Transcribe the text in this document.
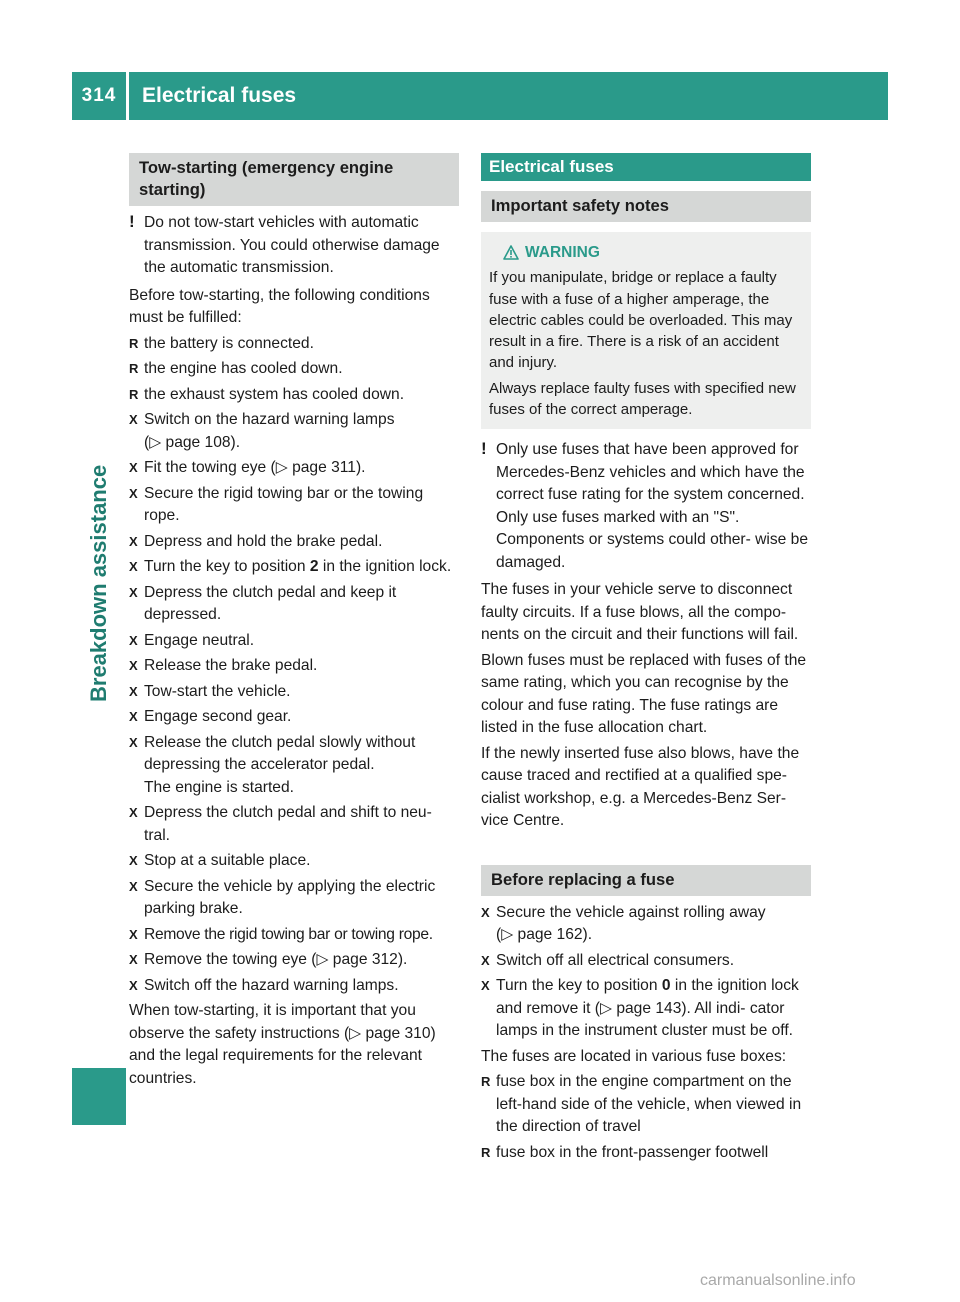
314	Electrical fuses
Breakdown assistance
Tow-starting (emergency engine starting)
! Do not tow-start vehicles with automatic transmission. You could otherwise damage the automatic transmission.

Before tow-starting, the following conditions must be fulfilled:

R the battery is connected.
R the engine has cooled down.
R the exhaust system has cooled down.
X Switch on the hazard warning lamps
(▷ page 108).
X Fit the towing eye (▷ page 311).
X Secure the rigid towing bar or the towing rope.
X Depress and hold the brake pedal.
X Turn the key to position 2 in the ignition lock.
X Depress the clutch pedal and keep it depressed.
X Engage neutral.
X Release the brake pedal.
X Tow-start the vehicle.
X Engage second gear.
X Release the clutch pedal slowly without depressing the accelerator pedal.
The engine is started.
X Depress the clutch pedal and shift to neu- tral.
X Stop at a suitable place.
X Secure the vehicle by applying the electric parking brake.
X Remove the rigid towing bar or towing rope.
X Remove the towing eye (▷ page 312).
X Switch off the hazard warning lamps.

When tow-starting, it is important that you observe the safety instructions (▷ page 310) and the legal requirements for the relevant countries.

Electrical fuses
Important safety notes
WARNING

If you manipulate, bridge or replace a faulty fuse with a fuse of a higher amperage, the electric cables could be overloaded. This may result in a fire. There is a risk of an accident and injury.

Always replace faulty fuses with specified new fuses of the correct amperage.

! Only use fuses that have been approved for Mercedes-Benz vehicles and which have the correct fuse rating for the system concerned. Only use fuses marked with an "S". Components or systems could other- wise be damaged.

The fuses in your vehicle serve to disconnect faulty circuits. If a fuse blows, all the compo- nents on the circuit and their functions will fail.

Blown fuses must be replaced with fuses of the same rating, which you can recognise by the colour and fuse rating. The fuse ratings are listed in the fuse allocation chart.

If the newly inserted fuse also blows, have the cause traced and rectified at a qualified spe- cialist workshop, e.g. a Mercedes-Benz Ser- vice Centre.

Before replacing a fuse
X Secure the vehicle against rolling away
(▷ page 162).
X Switch off all electrical consumers.
X Turn the key to position 0 in the ignition lock and remove it (▷ page 143). All indi- cator lamps in the instrument cluster must be off.

The fuses are located in various fuse boxes:

R fuse box in the engine compartment on the left-hand side of the vehicle, when viewed in the direction of travel
R fuse box in the front-passenger footwell
carmanualsonline.info
